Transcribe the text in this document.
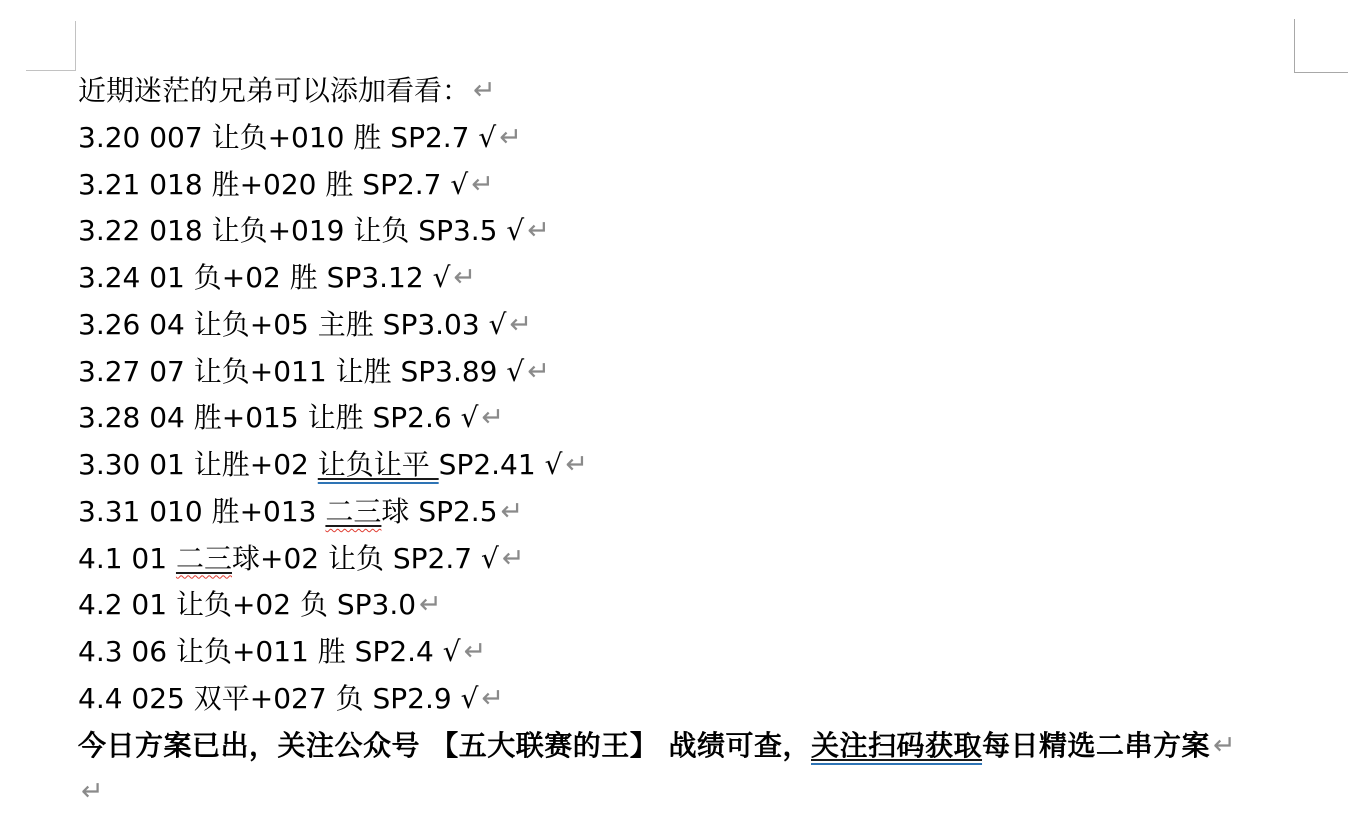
近期迷茫的兄弟可以添加看看： ↵
3.20 007 让负+010 胜 SP2.7 √ ↵
3.21 018 胜+020 胜 SP2.7 √ ↵
3.22 018 让负+019 让负 SP3.5 √ ↵
3.24 01 负+02 胜 SP3.12 √ ↵
3.26 04 让负+05 主胜 SP3.03 √ ↵
3.27 07 让负+011 让胜 SP3.89 √ ↵
3.28 04 胜+015 让胜 SP2.6 √ ↵
3.30 01 让胜+02 让负让平 SP2.41 √ ↵
3.31 010 胜+013 二三球 SP2.5 ↵
4.1 01 二三球+02 让负 SP2.7 √ ↵
4.2 01 让负+02 负 SP3.0 ↵
4.3 06 让负+011 胜 SP2.4 √ ↵
4.4 025 双平+027 负 SP2.9 √ ↵
今日方案已出，关注公众号 【五大联赛的王】 战绩可查，关注扫码获取每日精选二串方案 ↵
↵
